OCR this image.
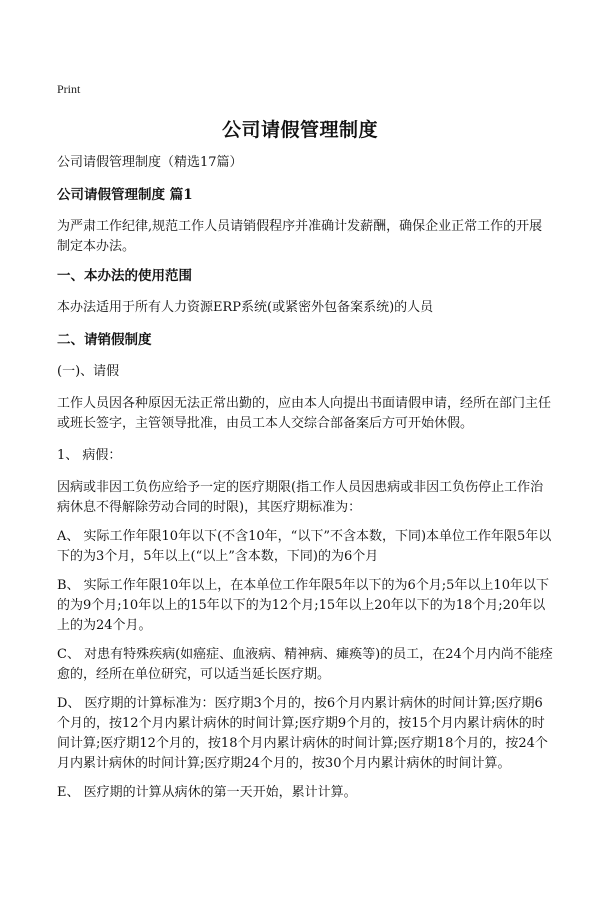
Print
公司请假管理制度

公司请假管理制度（精选17篇）

公司请假管理制度 篇1

为严肃工作纪律,规范工作人员请销假程序并准确计发薪酬，确保企业正常工作的开展制定本办法。

一、本办法的使用范围

本办法适用于所有人力资源ERP系统(或紧密外包备案系统)的人员

二、请销假制度

(一)、请假

工作人员因各种原因无法正常出勤的，应由本人向提出书面请假申请，经所在部门主任或班长签字，主管领导批准，由员工本人交综合部备案后方可开始休假。

1、 病假：

因病或非因工负伤应给予一定的医疗期限(指工作人员因患病或非因工负伤停止工作治病休息不得解除劳动合同的时限)，其医疗期标准为：

A、 实际工作年限10年以下(不含10年，“以下”不含本数，下同)本单位工作年限5年以下的为3个月，5年以上(“以上”含本数，下同)的为6个月

B、 实际工作年限10年以上，在本单位工作年限5年以下的为6个月;5年以上10年以下的为9个月;10年以上的15年以下的为12个月;15年以上20年以下的为18个月;20年以上的为24个月。

C、 对患有特殊疾病(如癌症、血液病、精神病、瘫痪等)的员工，在24个月内尚不能痊愈的，经所在单位研究，可以适当延长医疗期。

D、 医疗期的计算标准为：医疗期3个月的，按6个月内累计病休的时间计算;医疗期6个月的，按12个月内累计病休的时间计算;医疗期9个月的，按15个月内累计病休的时间计算;医疗期12个月的，按18个月内累计病休的时间计算;医疗期18个月的，按24个月内累计病休的时间计算;医疗期24个月的，按30个月内累计病休的时间计算。

E、 医疗期的计算从病休的第一天开始，累计计算。
